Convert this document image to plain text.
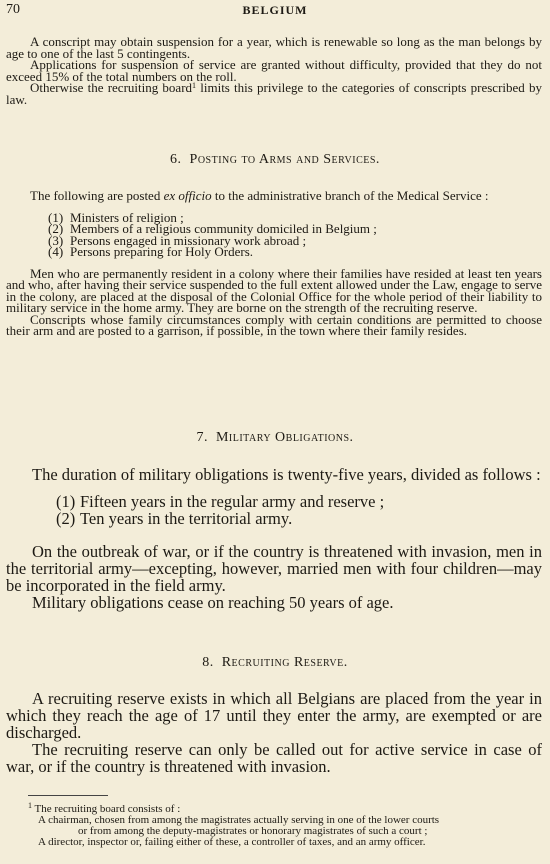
70	BELGIUM

A conscript may obtain suspension for a year, which is renewable so long as the man belongs by age to one of the last 5 contingents.

Applications for suspension of service are granted without difficulty, provided that they do not exceed 15% of the total numbers on the roll.

Otherwise the recruiting board$^1$ limits this privilege to the categories of conscripts prescribed by law.

6. Posting to Arms and Services.

The following are posted ex officio to the administrative branch of the Medical Service :

(1) Ministers of religion ;
(2) Members of a religious community domiciled in Belgium ;
(3) Persons engaged in missionary work abroad ;
(4) Persons preparing for Holy Orders.

Men who are permanently resident in a colony where their families have resided at least ten years and who, after having their service suspended to the full extent allowed under the Law, engage to serve in the colony, are placed at the disposal of the Colonial Office for the whole period of their liability to military service in the home army. They are borne on the strength of the recruiting reserve.

Conscripts whose family circumstances comply with certain conditions are permitted to choose their arm and are posted to a garrison, if possible, in the town where their family resides.

7. Military Obligations.

The duration of military obligations is twenty-five years, divided as follows :

(1) Fifteen years in the regular army and reserve ;
(2) Ten years in the territorial army.

On the outbreak of war, or if the country is threatened with invasion, men in the territorial army—excepting, however, married men with four children—may be incorporated in the field army.

Military obligations cease on reaching 50 years of age.

8. Recruiting Reserve.

A recruiting reserve exists in which all Belgians are placed from the year in which they reach the age of 17 until they enter the army, are exempted or are discharged.

The recruiting reserve can only be called out for active service in case of war, or if the country is threatened with invasion.

$^1$ The recruiting board consists of :
A chairman, chosen from among the magistrates actually serving in one of the lower courts
or from among the deputy-magistrates or honorary magistrates of such a court ;
A director, inspector or, failing either of these, a controller of taxes, and an army officer.
